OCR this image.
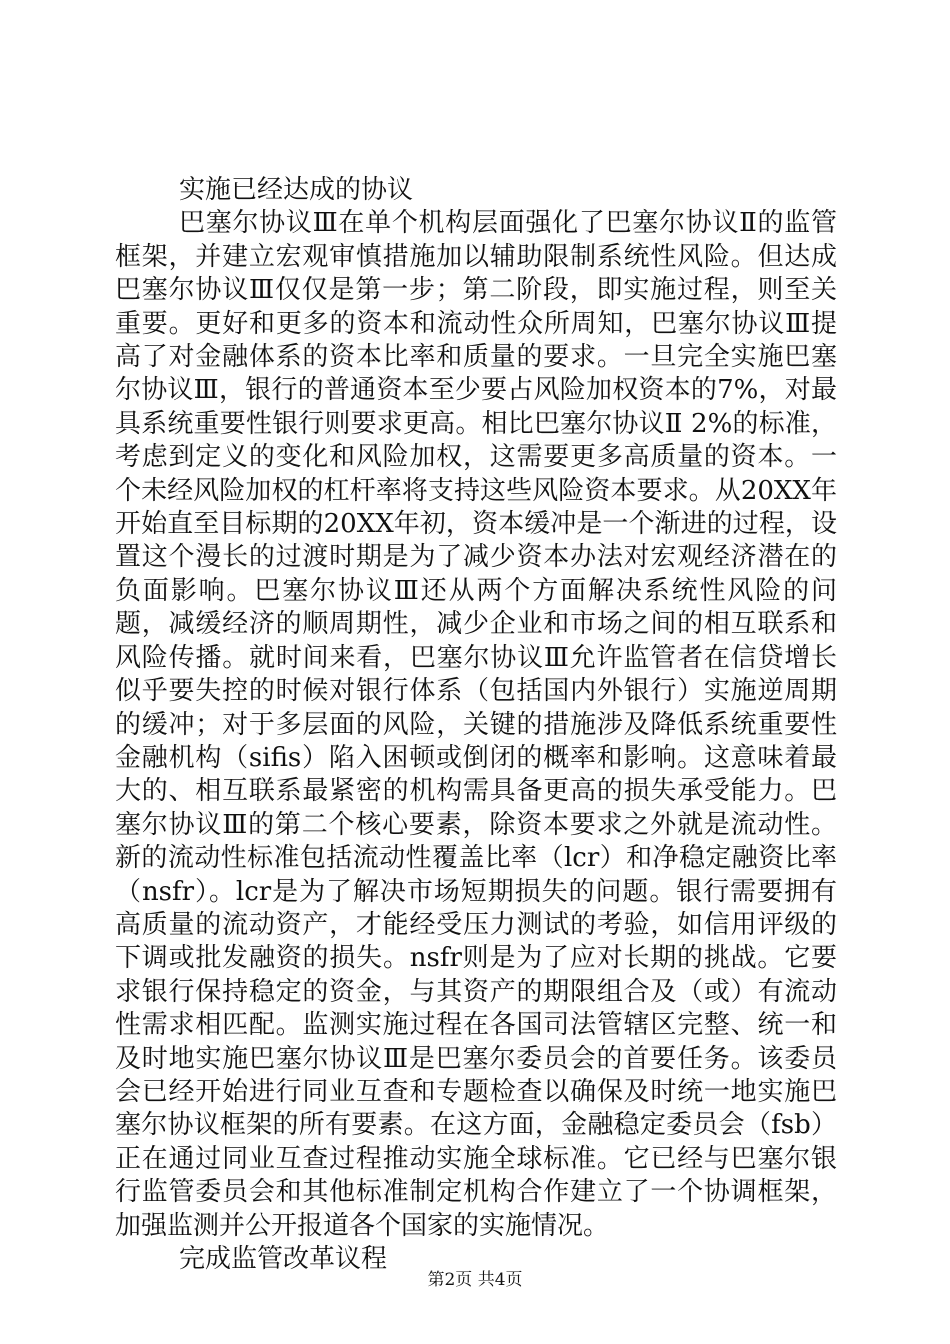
实施已经达成的协议

巴塞尔协议Ⅲ在单个机构层面强化了巴塞尔协议Ⅱ的监管框架，并建立宏观审慎措施加以辅助限制系统性风险。但达成巴塞尔协议Ⅲ仅仅是第一步；第二阶段，即实施过程，则至关重要。更好和更多的资本和流动性众所周知，巴塞尔协议Ⅲ提高了对金融体系的资本比率和质量的要求。一旦完全实施巴塞尔协议Ⅲ，银行的普通资本至少要占风险加权资本的7%，对最具系统重要性银行则要求更高。相比巴塞尔协议Ⅱ 2%的标准，考虑到定义的变化和风险加权，这需要更多高质量的资本。一个未经风险加权的杠杆率将支持这些风险资本要求。从20XX年开始直至目标期的20XX年初，资本缓冲是一个渐进的过程，设置这个漫长的过渡时期是为了减少资本办法对宏观经济潜在的负面影响。巴塞尔协议Ⅲ还从两个方面解决系统性风险的问题，减缓经济的顺周期性，减少企业和市场之间的相互联系和风险传播。就时间来看，巴塞尔协议Ⅲ允许监管者在信贷增长似乎要失控的时候对银行体系（包括国内外银行）实施逆周期的缓冲；对于多层面的风险，关键的措施涉及降低系统重要性金融机构（sifis）陷入困顿或倒闭的概率和影响。这意味着最大的、相互联系最紧密的机构需具备更高的损失承受能力。巴塞尔协议Ⅲ的第二个核心要素，除资本要求之外就是流动性。新的流动性标准包括流动性覆盖比率（lcr）和净稳定融资比率（nsfr）。lcr是为了解决市场短期损失的问题。银行需要拥有高质量的流动资产，才能经受压力测试的考验，如信用评级的下调或批发融资的损失。nsfr则是为了应对长期的挑战。它要求银行保持稳定的资金，与其资产的期限组合及（或）有流动性需求相匹配。监测实施过程在各国司法管辖区完整、统一和及时地实施巴塞尔协议Ⅲ是巴塞尔委员会的首要任务。该委员会已经开始进行同业互查和专题检查以确保及时统一地实施巴塞尔协议框架的所有要素。在这方面，金融稳定委员会（fsb）正在通过同业互查过程推动实施全球标准。它已经与巴塞尔银行监管委员会和其他标准制定机构合作建立了一个协调框架，加强监测并公开报道各个国家的实施情况。

完成监管改革议程

第2页 共4页
